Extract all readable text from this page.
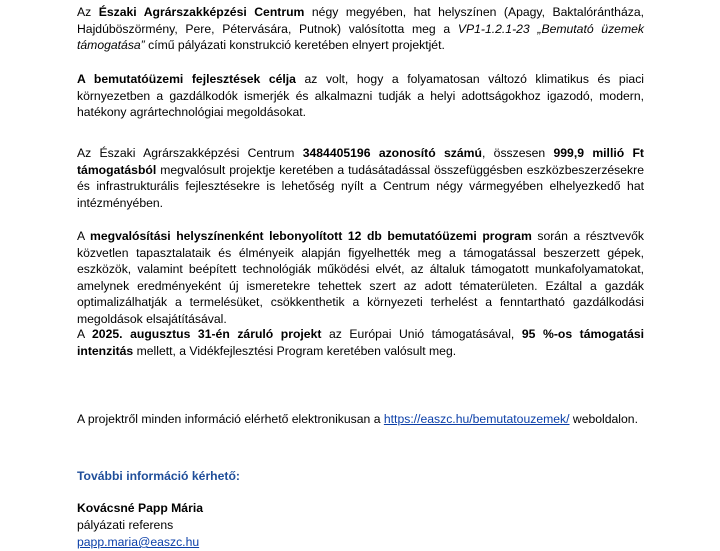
Az Északi Agrárszakképzési Centrum négy megyében, hat helyszínen (Apagy, Baktalórántháza, Hajdúböszörmény, Pere, Pétervására, Putnok) valósította meg a VP1-1.2.1-23 „Bemutató üzemek támogatása” című pályázati konstrukció keretében elnyert projektjét.

A bemutatóüzemi fejlesztések célja az volt, hogy a folyamatosan változó klimatikus és piaci környezetben a gazdálkodók ismerjék és alkalmazni tudják a helyi adottságokhoz igazodó, modern, hatékony agrártechnológiai megoldásokat.

Az Északi Agrárszakképzési Centrum 3484405196 azonosító számú, összesen 999,9 millió Ft támogatásból megvalósult projektje keretében a tudásátadással összefüggésben eszközbeszerzésekre és infrastrukturális fejlesztésekre is lehetőség nyílt a Centrum négy vármegyében elhelyezkedő hat intézményében.

A megvalósítási helyszínenként lebonyolított 12 db bemutatóüzemi program során a résztvevők közvetlen tapasztalataik és élményeik alapján figyelhették meg a támogatással beszerzett gépek, eszközök, valamint beépített technológiák működési elvét, az általuk támogatott munkafolyamatokat, amelynek eredményeként új ismeretekre tehettek szert az adott tématerületen. Ezáltal a gazdák optimalizálhatják a termelésüket, csökkenthetik a környezeti terhelést a fenntartható gazdálkodási megoldások elsajátításával.

A 2025. augusztus 31-én záruló projekt az Európai Unió támogatásával, 95 %-os támogatási intenzitás mellett, a Vidékfejlesztési Program keretében valósult meg.

A projektről minden információ elérhető elektronikusan a https://easzc.hu/bemutatouzemek/ weboldalon.

További információ kérhető:
Kovácsné Papp Mária
pályázati referens
papp.maria@easzc.hu
